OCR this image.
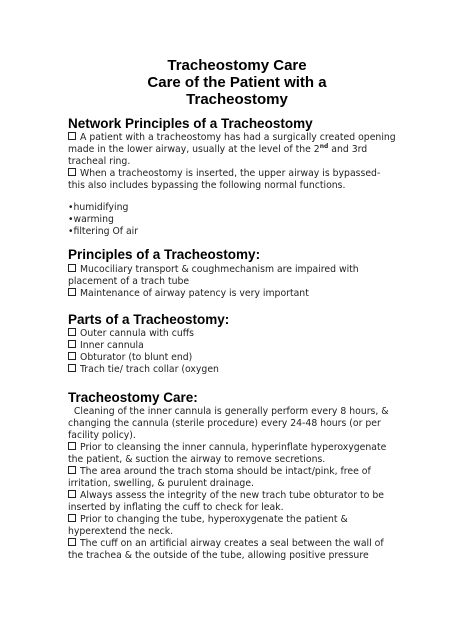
Tracheostomy Care
Care of the Patient with a
Tracheostomy
Network Principles of a Tracheostomy
A patient with a tracheostomy has had a surgically created opening
made in the lower airway, usually at the level of the 2nd and 3rd
tracheal ring.
When a tracheostomy is inserted, the upper airway is bypassed-
this also includes bypassing the following normal functions.
•humidifying
•warming
•filtering Of air
Principles of a Tracheostomy:
Mucociliary transport & coughmechanism are impaired with
placement of a trach tube
Maintenance of airway patency is very important
Parts of a Tracheostomy:
Outer cannula with cuffs
Inner cannula
Obturator (to blunt end)
Trach tie/ trach collar (oxygen
Tracheostomy Care:
Cleaning of the inner cannula is generally perform every 8 hours, &
changing the cannula (sterile procedure) every 24-48 hours (or per
facility policy).
Prior to cleansing the inner cannula, hyperinflate hyperoxygenate
the patient, & suction the airway to remove secretions.
The area around the trach stoma should be intact/pink, free of
irritation, swelling, & purulent drainage.
Always assess the integrity of the new trach tube obturator to be
inserted by inflating the cuff to check for leak.
Prior to changing the tube, hyperoxygenate the patient &
hyperextend the neck.
The cuff on an artificial airway creates a seal between the wall of
the trachea & the outside of the tube, allowing positive pressure
